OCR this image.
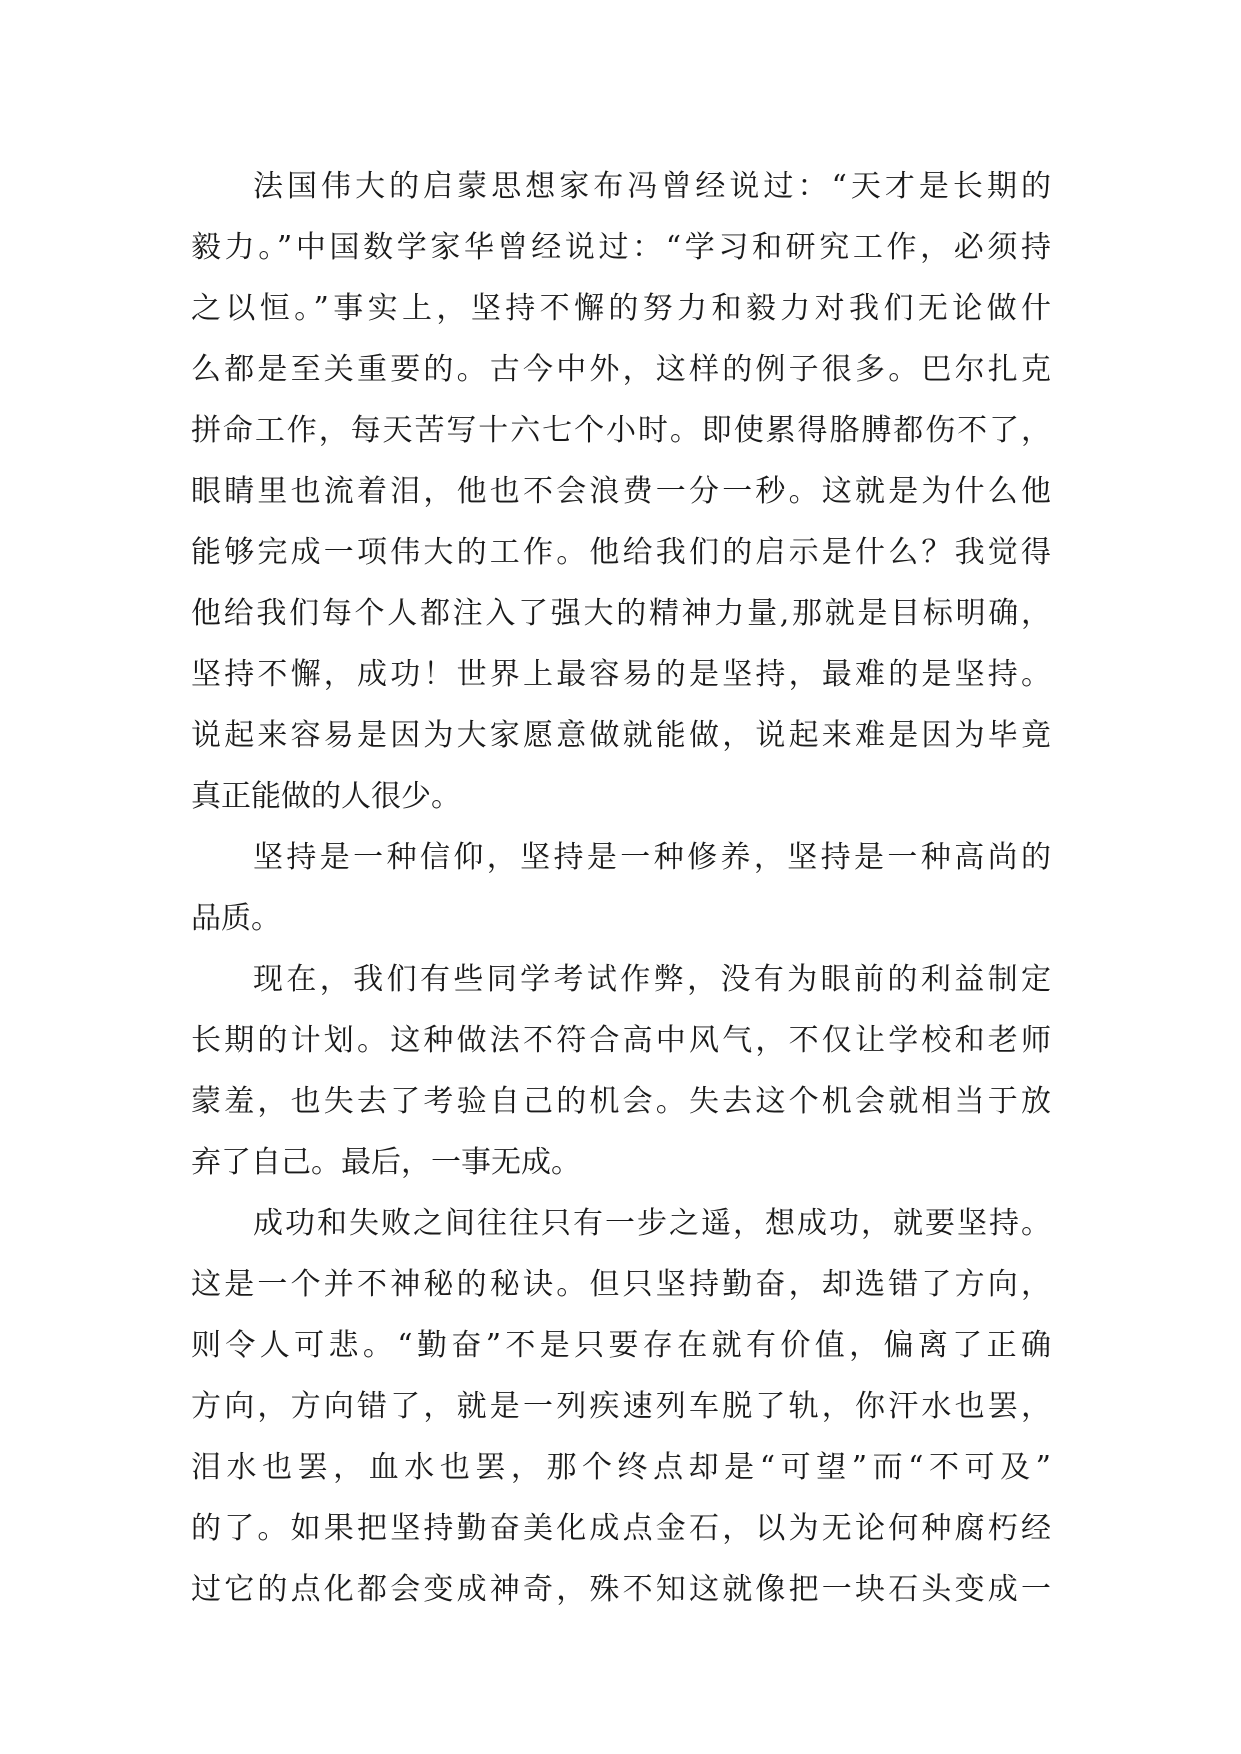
法国伟大的启蒙思想家布冯曾经说过：“天才是长期的
毅力。”中国数学家华曾经说过：“学习和研究工作，必须持
之以恒。”事实上，坚持不懈的努力和毅力对我们无论做什
么都是至关重要的。古今中外，这样的例子很多。巴尔扎克
拼命工作，每天苦写十六七个小时。即使累得胳膊都伤不了，
眼睛里也流着泪，他也不会浪费一分一秒。这就是为什么他
能够完成一项伟大的工作。他给我们的启示是什么？我觉得
他给我们每个人都注入了强大的精神力量,那就是目标明确，
坚持不懈，成功！世界上最容易的是坚持，最难的是坚持。
说起来容易是因为大家愿意做就能做，说起来难是因为毕竟
真正能做的人很少。
坚持是一种信仰，坚持是一种修养，坚持是一种高尚的
品质。
现在，我们有些同学考试作弊，没有为眼前的利益制定
长期的计划。这种做法不符合高中风气，不仅让学校和老师
蒙羞，也失去了考验自己的机会。失去这个机会就相当于放
弃了自己。最后，一事无成。
成功和失败之间往往只有一步之遥，想成功，就要坚持。
这是一个并不神秘的秘诀。但只坚持勤奋，却选错了方向，
则令人可悲。“勤奋”不是只要存在就有价值，偏离了正确
方向，方向错了，就是一列疾速列车脱了轨，你汗水也罢，
泪水也罢，血水也罢，那个终点却是“可望”而“不可及”
的了。如果把坚持勤奋美化成点金石，以为无论何种腐朽经
过它的点化都会变成神奇，殊不知这就像把一块石头变成一
